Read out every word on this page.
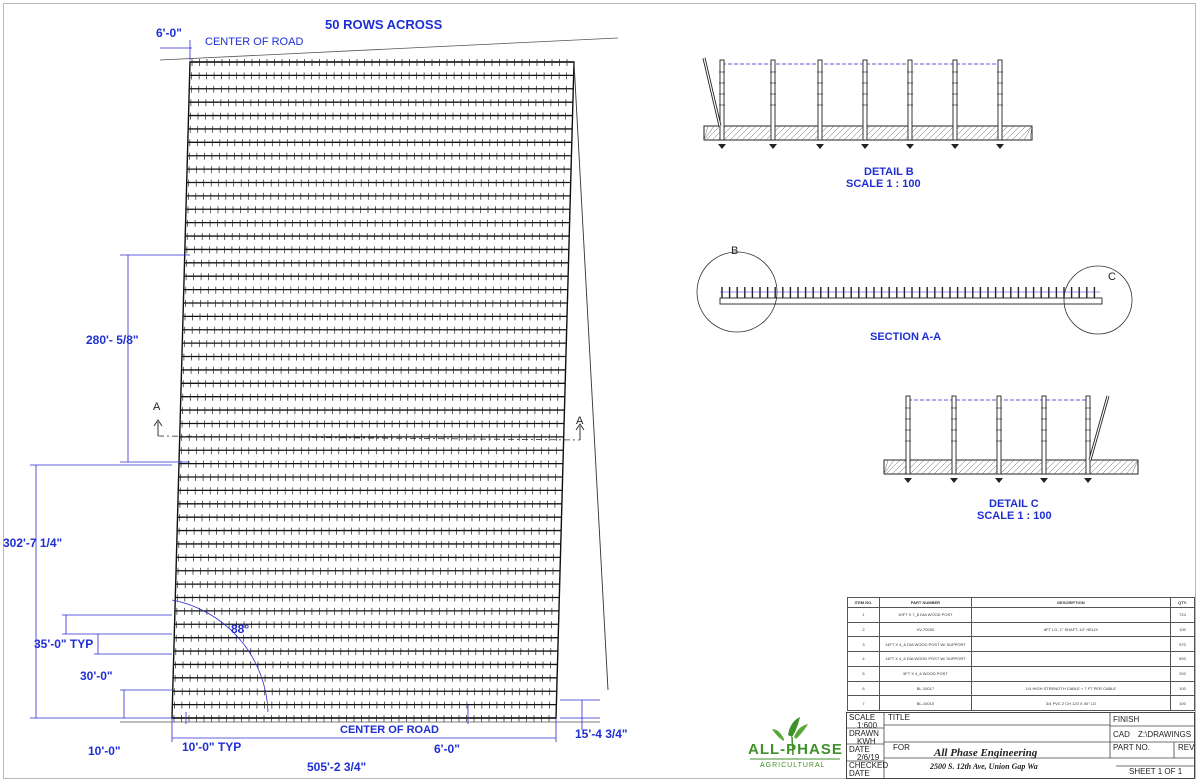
50 ROWS ACROSS
6'-0"
CENTER OF ROAD
280'- 5/8"
302'-7 1/4"
35'-0" TYP
30'-0"
10'-0"	10'-0" TYP
88°
CENTER OF ROAD
6'-0"
505'-2 3/4"
15'-4 3/4"
A
A
B
C
DETAIL B
SCALE 1 : 100
SECTION A-A
DETAIL C
SCALE 1 : 100
ITEM NO.	PART NUMBER	DESCRIPTION	QTY.
1	10FT X 7_8 DIA WOOD POST		724
2	VV-70000	8FT LG, 1" SHAFT, 10" HELIX	100
3	14FT X 4_6 DIA WOOD POST W/ SUPPORT		970
4	11FT X 4_6 DIA WOOD POST W/ SUPPORT		593
5	9FT X 4_6 WOOD POST		200
6	BL-10017	1/4 HIGH STRENGTH CABLE + 7 FT PER CABLE	100
7	BL-10010	3/4 PVC 2 CH 120 X 40" LG	100
SCALE
1:600
DRAWN
KWH
DATE
2/6/19
CHECKED
DATE
TITLE
FOR
FINISH
CAD Z:\DRAWINGS
PART NO.	REV
All Phase Engineering
2500 S. 12th Ave, Union Gap Wa
SHEET 1 OF 1
ALL-PHASE
AGRICULTURAL
